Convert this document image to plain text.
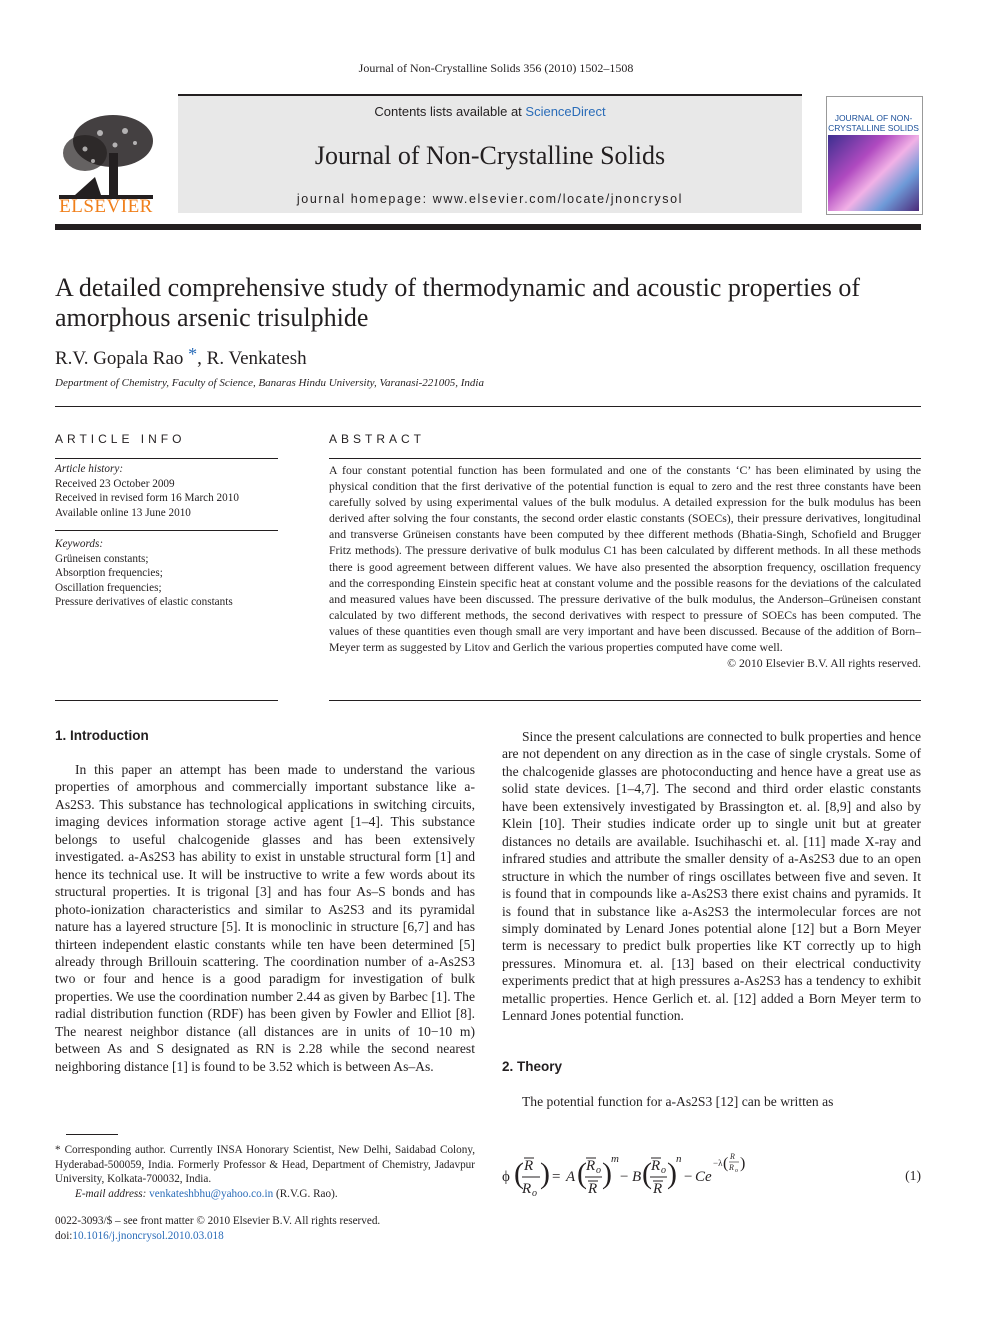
Journal of Non-Crystalline Solids 356 (2010) 1502–1508
ELSEVIER
Contents lists available at ScienceDirect
Journal of Non-Crystalline Solids
journal homepage: www.elsevier.com/locate/jnoncrysol
JOURNAL OF NON-CRYSTALLINE SOLIDS
A detailed comprehensive study of thermodynamic and acoustic properties of amorphous arsenic trisulphide
R.V. Gopala Rao *, R. Venkatesh
Department of Chemistry, Faculty of Science, Banaras Hindu University, Varanasi-221005, India
ARTICLE INFO
Article history:
Received 23 October 2009
Received in revised form 16 March 2010
Available online 13 June 2010
Keywords:
Grüneisen constants;
Absorption frequencies;
Oscillation frequencies;
Pressure derivatives of elastic constants
ABSTRACT
A four constant potential function has been formulated and one of the constants ‘C’ has been eliminated by using the physical condition that the first derivative of the potential function is equal to zero and the rest three constants have been carefully solved by using experimental values of the bulk modulus. A detailed expression for the bulk modulus has been derived after solving the four constants, the second order elastic constants (SOECs), their pressure derivatives, longitudinal and transverse Grüneisen constants have been computed by thee different methods (Bhatia-Singh, Schofield and Brugger Fritz methods). The pressure derivative of bulk modulus C1 has been calculated by different methods. In all these methods there is good agreement between different values. We have also presented the absorption frequency, oscillation frequency and the corresponding Einstein specific heat at constant volume and the possible reasons for the deviations of the calculated and measured values have been discussed. The pressure derivative of the bulk modulus, the Anderson–Grüneisen constant calculated by two different methods, the second derivatives with respect to pressure of SOECs has been computed. The values of these quantities even though small are very important and have been discussed. Because of the addition of Born–Meyer term as suggested by Litov and Gerlich the various properties computed have come well.
© 2010 Elsevier B.V. All rights reserved.
1. Introduction

In this paper an attempt has been made to understand the various properties of amorphous and commercially important substance like a-As2S3. This substance has technological applications in switching circuits, imaging devices information storage active agent [1–4]. This substance belongs to useful chalcogenide glasses and has been extensively investigated. a-As2S3 has ability to exist in unstable structural form [1] and hence its technical use. It will be instructive to write a few words about its structural properties. It is trigonal [3] and has four As–S bonds and has photo-ionization characteristics and similar to As2S3 and its pyramidal nature has a layered structure [5]. It is monoclinic in structure [6,7] and has thirteen independent elastic constants while ten have been determined [5] already through Brillouin scattering. The coordination number of a-As2S3 two or four and hence is a good paradigm for investigation of bulk properties. We use the coordination number 2.44 as given by Barbec [1]. The radial distribution function (RDF) has been given by Fowler and Elliot [8]. The nearest neighbor distance (all distances are in units of 10−10 m) between As and S designated as RN is 2.28 while the second nearest neighboring distance [1] is found to be 3.52 which is between As–As.

* Corresponding author. Currently INSA Honorary Scientist, New Delhi, Saidabad Colony, Hyderabad-500059, India. Formerly Professor & Head, Department of Chemistry, Jadavpur University, Kolkata-700032, India.
E-mail address: venkateshbhu@yahoo.co.in (R.V.G. Rao).
0022-3093/$ – see front matter © 2010 Elsevier B.V. All rights reserved.
doi:10.1016/j.jnoncrysol.2010.03.018

Since the present calculations are connected to bulk properties and hence are not dependent on any direction as in the case of single crystals. Some of the chalcogenide glasses are photoconducting and hence have a great use as solid state devices. [1–4,7]. The second and third order elastic constants have been extensively investigated by Brassington et. al. [8,9] and also by Klein [10]. Their studies indicate order up to single unit but at greater distances no details are available. Isuchihaschi et. al. [11] made X-ray and infrared studies and attribute the smaller density of a-As2S3 due to an open structure in which the number of rings oscillates between five and seven. It is found that in compounds like a-As2S3 there exist chains and pyramids. It is found that in substance like a-As2S3 the intermolecular forces are not simply dominated by Lenard Jones potential alone [12] but a Born Meyer term is necessary to predict bulk properties like KT correctly up to high pressures. Minomura et. al. [13] based on their electrical conductivity experiments predict that at high pressures a-As2S3 has a tendency to exhibit metallic properties. Hence Gerlich et. al. [12] added a Born Meyer term to Lennard Jones potential function.

2. Theory

The potential function for a-As2S3 [12] can be written as

ϕ ( R
R o
) = A ( R o
R ) m
− B ( R o
R ) n
− Ce
−λ ( R
R o )
(1)
